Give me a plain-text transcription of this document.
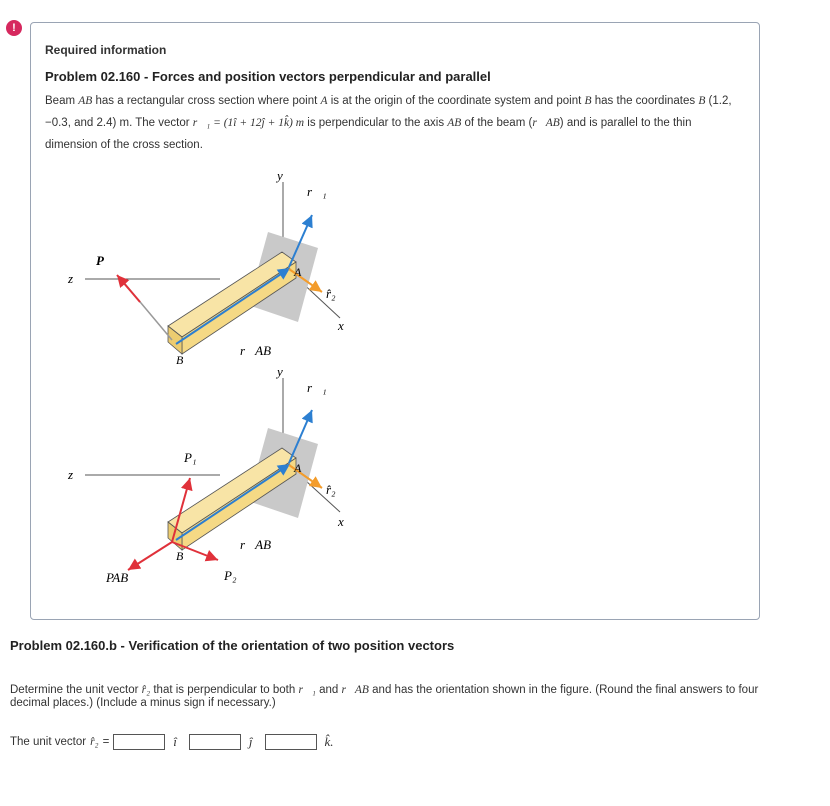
!
Required information
Problem 02.160 - Forces and position vectors perpendicular and parallel
Beam AB has a rectangular cross section where point A is at the origin of the coordinate system and point B has the coordinates B (1.2, −0.3, and 2.4) m. The vector r⃗₁ = (1î + 12ĵ + 1k̂) m is perpendicular to the axis AB of the beam (r⃗AB) and is parallel to the thin dimension of the cross section.
y
z
x
r⃗₁
r̂₂
A
B
r⃗AB
P⃗
y
z
x
r⃗₁
r̂₂
A
B
r⃗AB
P₁
PAB	P₂
Problem 02.160.b - Verification of the orientation of two position vectors
Determine the unit vector r̂₂ that is perpendicular to both r⃗₁ and r⃗AB and has the orientation shown in the figure. (Round the final answers to four decimal places.) (Include a minus sign if necessary.)
The unit vector r̂₂ =	î	ĵ	k̂.
